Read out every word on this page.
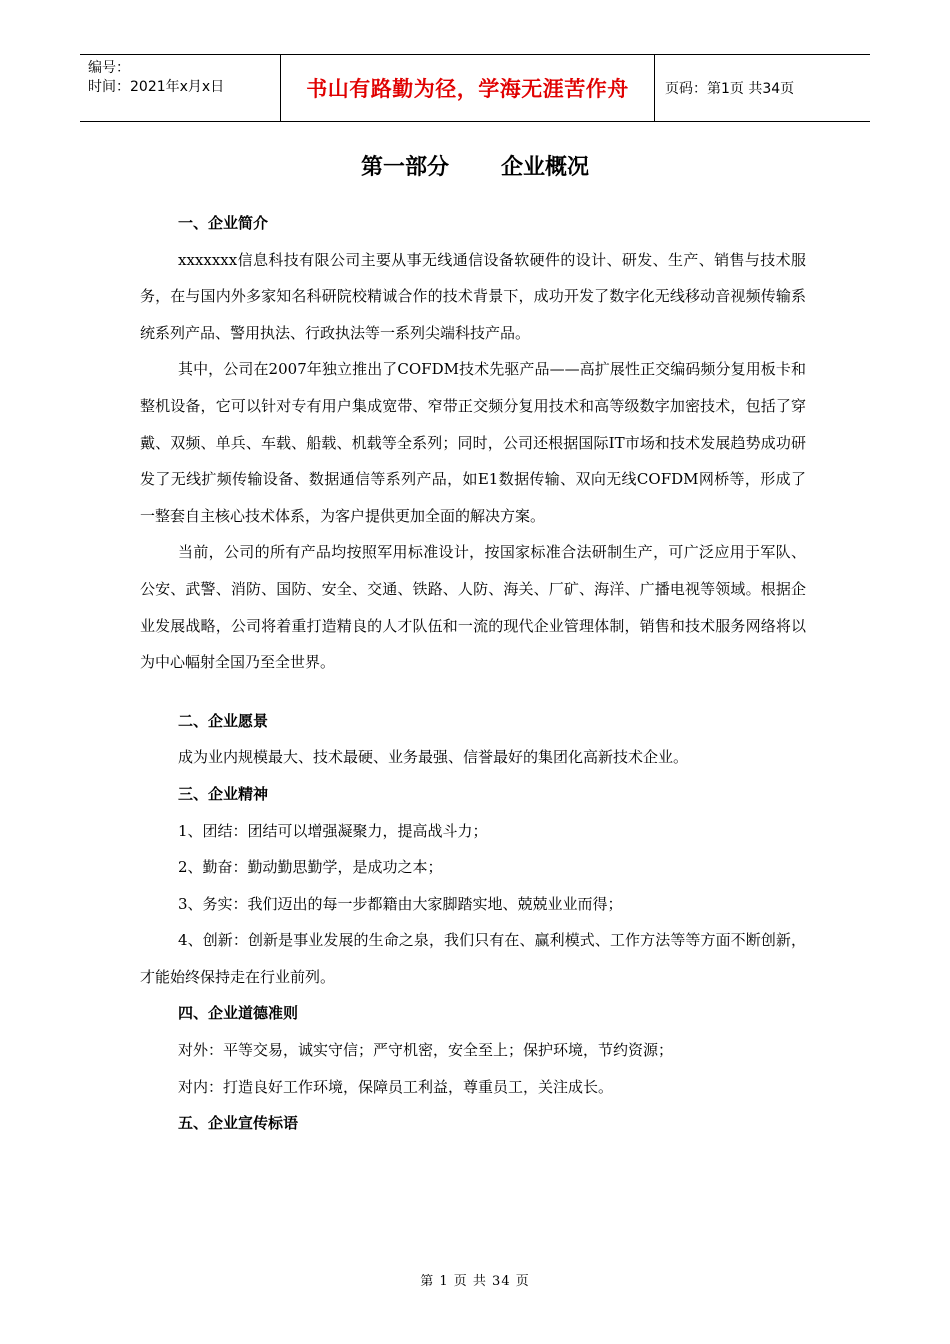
编号：
时间：2021年x月x日	书山有路勤为径，学海无涯苦作舟	页码：第1页 共34页
第一部分 企业概况
一、企业简介
xxxxxxx信息科技有限公司主要从事无线通信设备软硬件的设计、研发、生产、销售与技术服务，在与国内外多家知名科研院校精诚合作的技术背景下，成功开发了数字化无线移动音视频传输系统系列产品、警用执法、行政执法等一系列尖端科技产品。
其中，公司在2007年独立推出了COFDM技术先驱产品——高扩展性正交编码频分复用板卡和整机设备，它可以针对专有用户集成宽带、窄带正交频分复用技术和高等级数字加密技术，包括了穿戴、双频、单兵、车载、船载、机载等全系列；同时，公司还根据国际IT市场和技术发展趋势成功研发了无线扩频传输设备、数据通信等系列产品，如E1数据传输、双向无线COFDM网桥等，形成了一整套自主核心技术体系，为客户提供更加全面的解决方案。
当前，公司的所有产品均按照军用标准设计，按国家标准合法研制生产，可广泛应用于军队、公安、武警、消防、国防、安全、交通、铁路、人防、海关、厂矿、海洋、广播电视等领域。根据企业发展战略，公司将着重打造精良的人才队伍和一流的现代企业管理体制，销售和技术服务网络将以为中心幅射全国乃至全世界。
二、企业愿景
成为业内规模最大、技术最硬、业务最强、信誉最好的集团化高新技术企业。
三、企业精神
1、团结：团结可以增强凝聚力，提高战斗力；
2、勤奋：勤动勤思勤学，是成功之本；
3、务实：我们迈出的每一步都籍由大家脚踏实地、兢兢业业而得；
4、创新：创新是事业发展的生命之泉，我们只有在、赢利模式、工作方法等等方面不断创新，才能始终保持走在行业前列。
四、企业道德准则
对外：平等交易，诚实守信；严守机密，安全至上；保护环境，节约资源；
对内：打造良好工作环境，保障员工利益，尊重员工，关注成长。
五、企业宣传标语
第 1 页 共 34 页
